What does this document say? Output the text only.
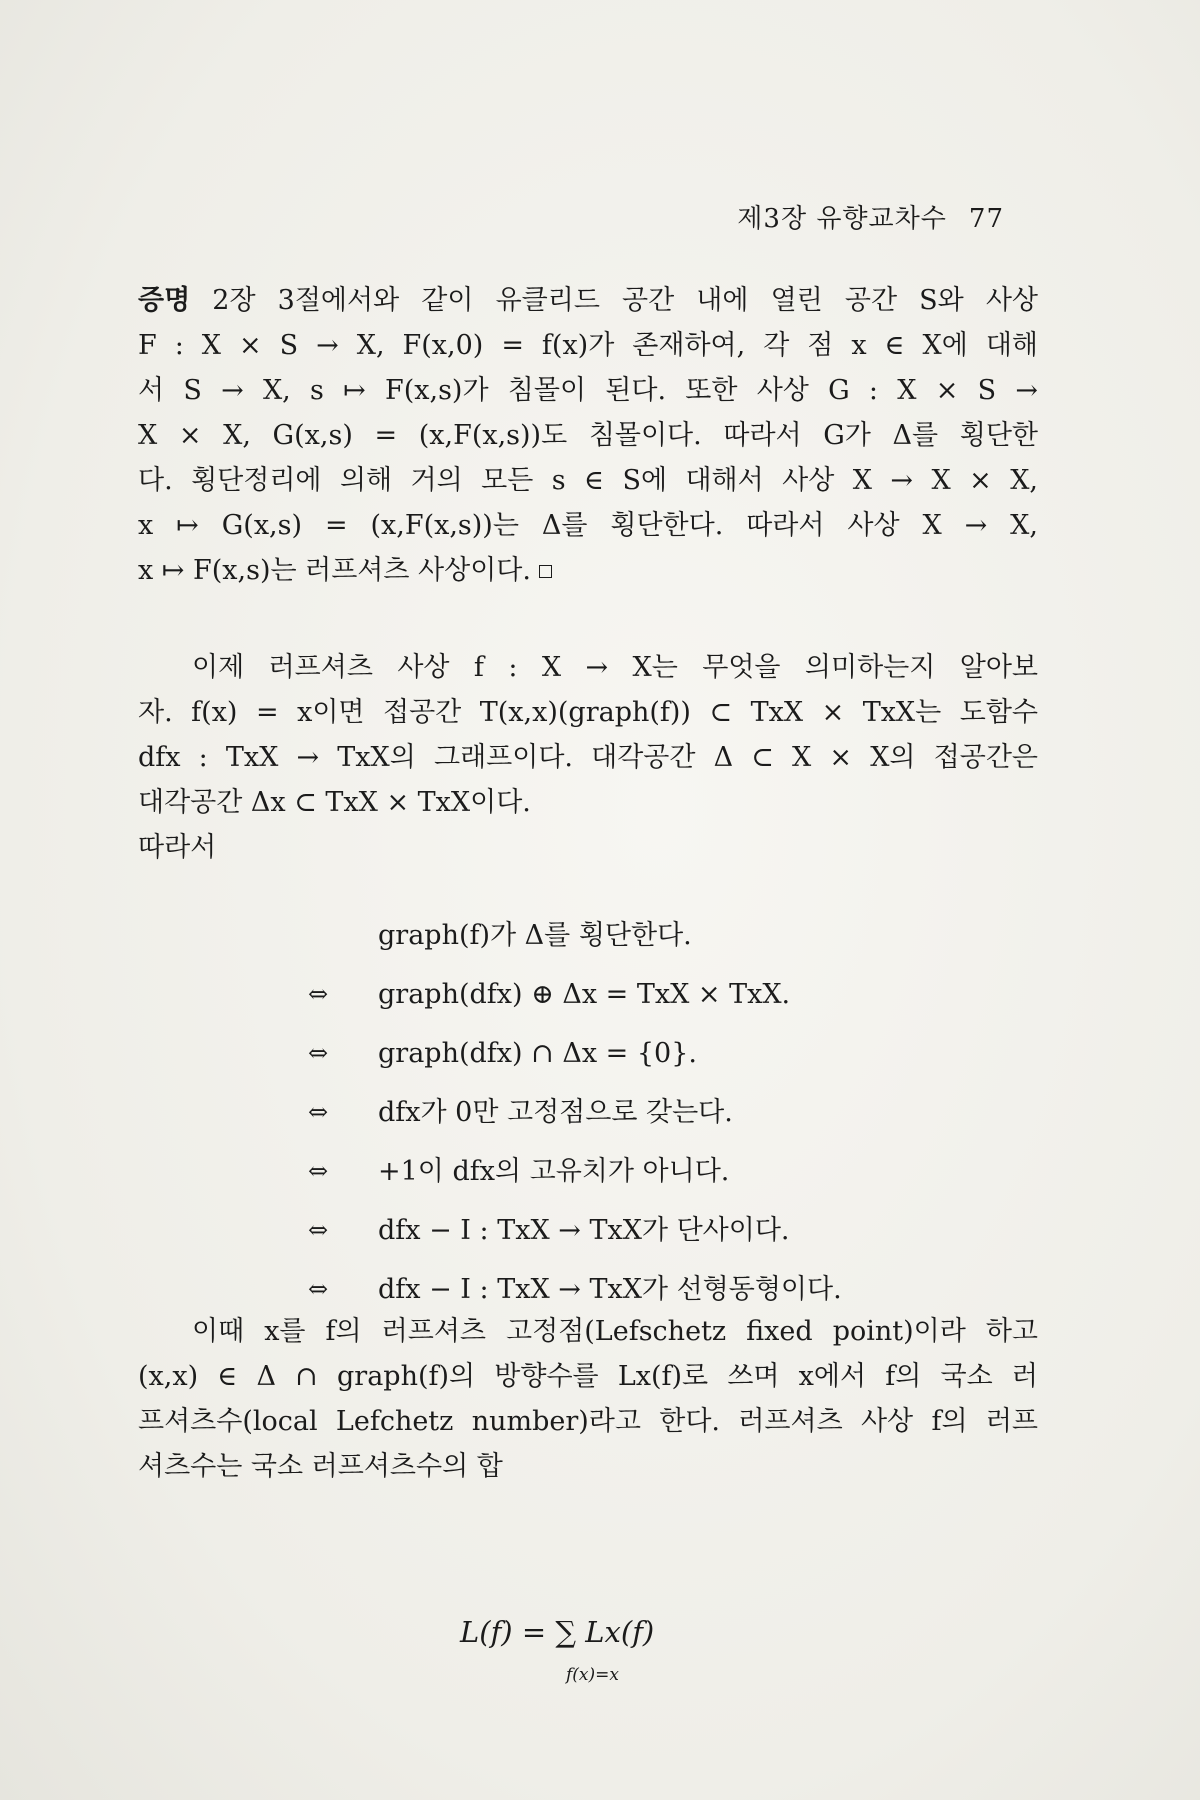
제3장 유향교차수 77
증명 2장 3절에서와 같이 유클리드 공간 내에 열린 공간 S와 사상
F : X × S → X, F(x,0) = f(x)가 존재하여, 각 점 x ∈ X에 대해
서 S → X, s ↦ F(x,s)가 침몰이 된다. 또한 사상 G : X × S →
X × X, G(x,s) = (x,F(x,s))도 침몰이다. 따라서 G가 Δ를 횡단한
다. 횡단정리에 의해 거의 모든 s ∈ S에 대해서 사상 X → X × X,
x ↦ G(x,s) = (x,F(x,s))는 Δ를 횡단한다. 따라서 사상 X → X,
x ↦ F(x,s)는 러프셔츠 사상이다.
이제 러프셔츠 사상 f : X → X는 무엇을 의미하는지 알아보
자. f(x) = x이면 접공간 T(x,x)(graph(f)) ⊂ TxX × TxX는 도함수
dfx : TxX → TxX의 그래프이다. 대각공간 Δ ⊂ X × X의 접공간은
대각공간 Δx ⊂ TxX × TxX이다.
따라서
graph(f)가 Δ를 횡단한다.
⇔	graph(dfx) ⊕ Δx = TxX × TxX.
⇔	graph(dfx) ∩ Δx = {0}.
⇔	dfx가 0만 고정점으로 갖는다.
⇔	+1이 dfx의 고유치가 아니다.
⇔	dfx − I : TxX → TxX가 단사이다.
⇔	dfx − I : TxX → TxX가 선형동형이다.
이때 x를 f의 러프셔츠 고정점(Lefschetz fixed point)이라 하고
(x,x) ∈ Δ ∩ graph(f)의 방향수를 Lx(f)로 쓰며 x에서 f의 국소 러
프셔츠수(local Lefchetz number)라고 한다. 러프셔츠 사상 f의 러프
셔츠수는 국소 러프셔츠수의 합
L(f) = ∑ Lx(f)
f(x)=x
